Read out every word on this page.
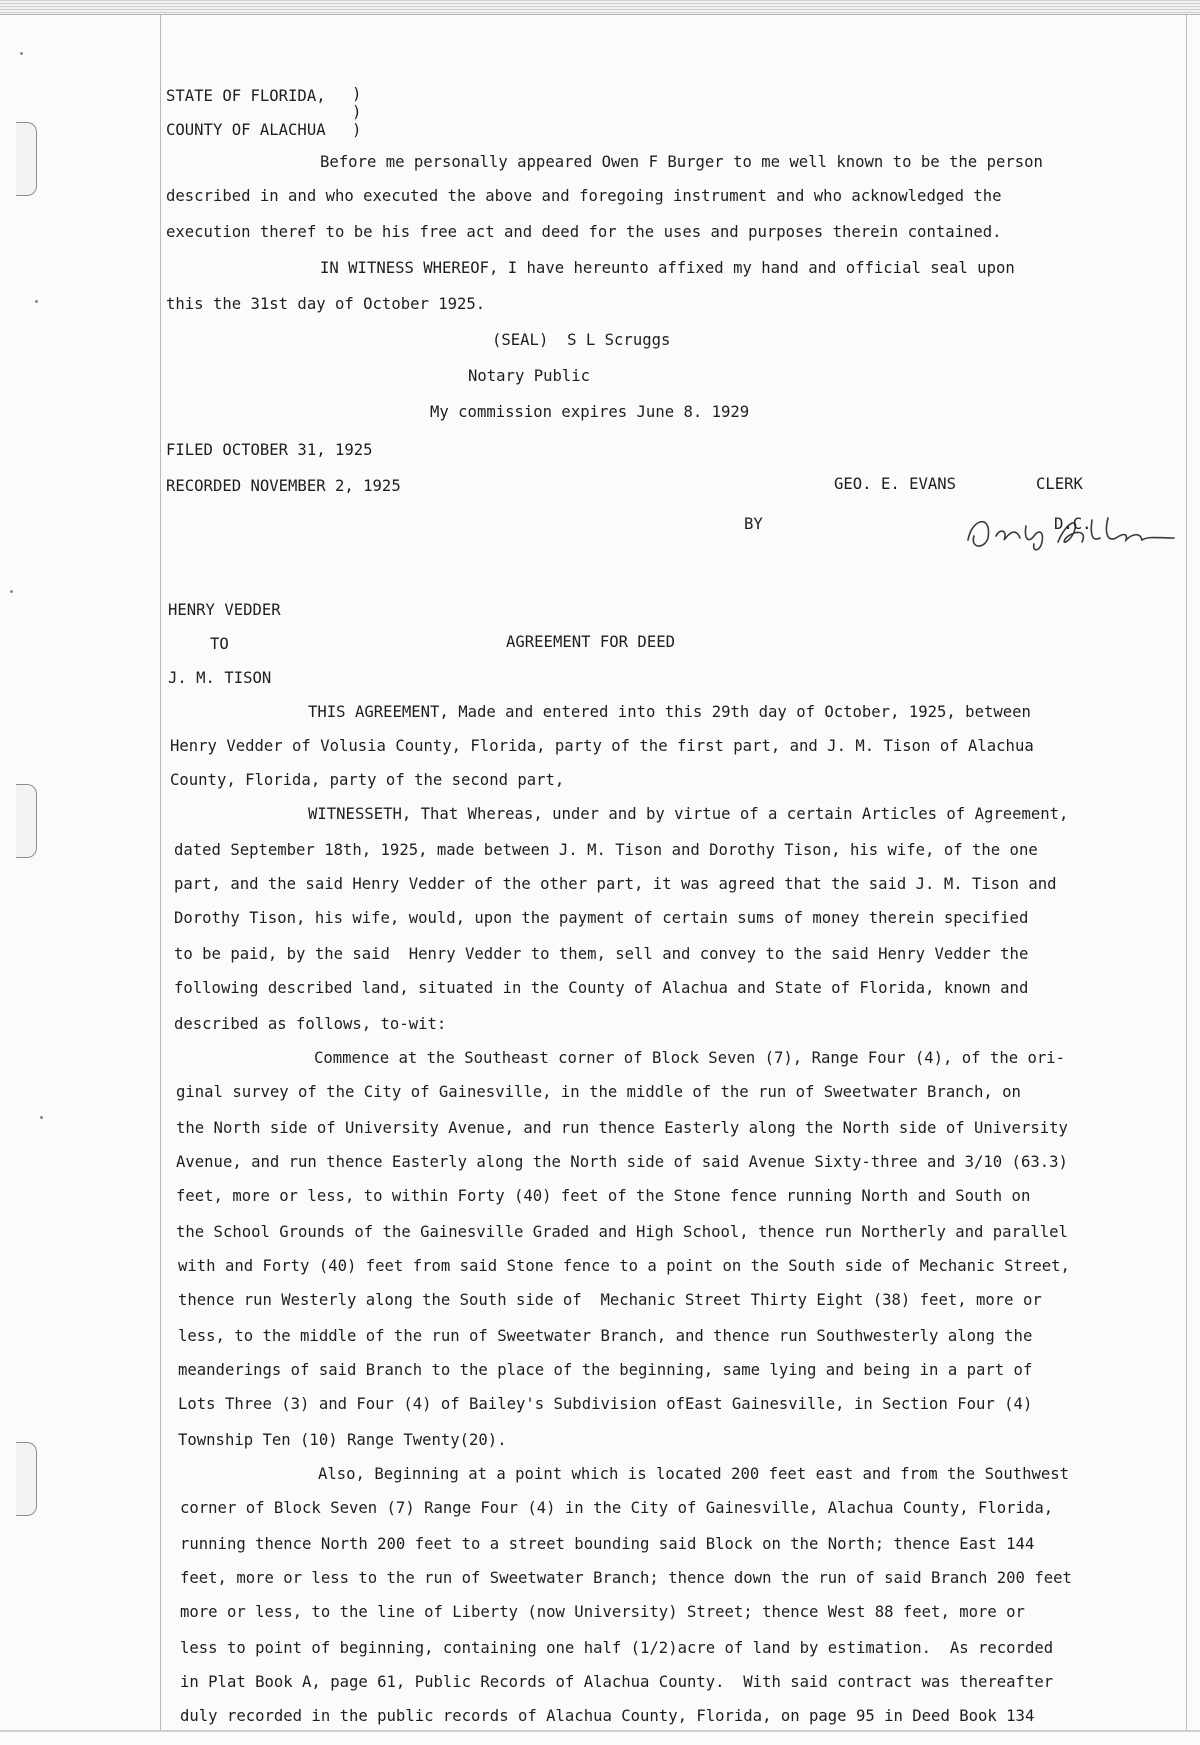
STATE OF FLORIDA, )
)
COUNTY OF ALACHUA )
Before me personally appeared Owen F Burger to me well known to be the person
described in and who executed the above and foregoing instrument and who acknowledged the
execution theref to be his free act and deed for the uses and purposes therein contained.
IN WITNESS WHEREOF, I have hereunto affixed my hand and official seal upon
this the 31st day of October 1925.
(SEAL)  S L Scruggs
Notary Public
My commission expires June 8. 1929
FILED OCTOBER 31, 1925
RECORDED NOVEMBER 2, 1925	GEO. E. EVANS	CLERK
BY	D.C.
HENRY VEDDER
TO	AGREEMENT FOR DEED
J. M. TISON
THIS AGREEMENT, Made and entered into this 29th day of October, 1925, between
Henry Vedder of Volusia County, Florida, party of the first part, and J. M. Tison of Alachua
County, Florida, party of the second part,
WITNESSETH, That Whereas, under and by virtue of a certain Articles of Agreement,
dated September 18th, 1925, made between J. M. Tison and Dorothy Tison, his wife, of the one
part, and the said Henry Vedder of the other part, it was agreed that the said J. M. Tison and
Dorothy Tison, his wife, would, upon the payment of certain sums of money therein specified
to be paid, by the said  Henry Vedder to them, sell and convey to the said Henry Vedder the
following described land, situated in the County of Alachua and State of Florida, known and
described as follows, to-wit:
Commence at the Southeast corner of Block Seven (7), Range Four (4), of the ori-
ginal survey of the City of Gainesville, in the middle of the run of Sweetwater Branch, on
the North side of University Avenue, and run thence Easterly along the North side of University
Avenue, and run thence Easterly along the North side of said Avenue Sixty-three and 3/10 (63.3)
feet, more or less, to within Forty (40) feet of the Stone fence running North and South on
the School Grounds of the Gainesville Graded and High School, thence run Northerly and parallel
with and Forty (40) feet from said Stone fence to a point on the South side of Mechanic Street,
thence run Westerly along the South side of  Mechanic Street Thirty Eight (38) feet, more or
less, to the middle of the run of Sweetwater Branch, and thence run Southwesterly along the
meanderings of said Branch to the place of the beginning, same lying and being in a part of
Lots Three (3) and Four (4) of Bailey's Subdivision ofEast Gainesville, in Section Four (4)
Township Ten (10) Range Twenty(20).
Also, Beginning at a point which is located 200 feet east and from the Southwest
corner of Block Seven (7) Range Four (4) in the City of Gainesville, Alachua County, Florida,
running thence North 200 feet to a street bounding said Block on the North; thence East 144
feet, more or less to the run of Sweetwater Branch; thence down the run of said Branch 200 feet
more or less, to the line of Liberty (now University) Street; thence West 88 feet, more or
less to point of beginning, containing one half (1/2)acre of land by estimation.  As recorded
in Plat Book A, page 61, Public Records of Alachua County.  With said contract was thereafter
duly recorded in the public records of Alachua County, Florida, on page 95 in Deed Book 134
